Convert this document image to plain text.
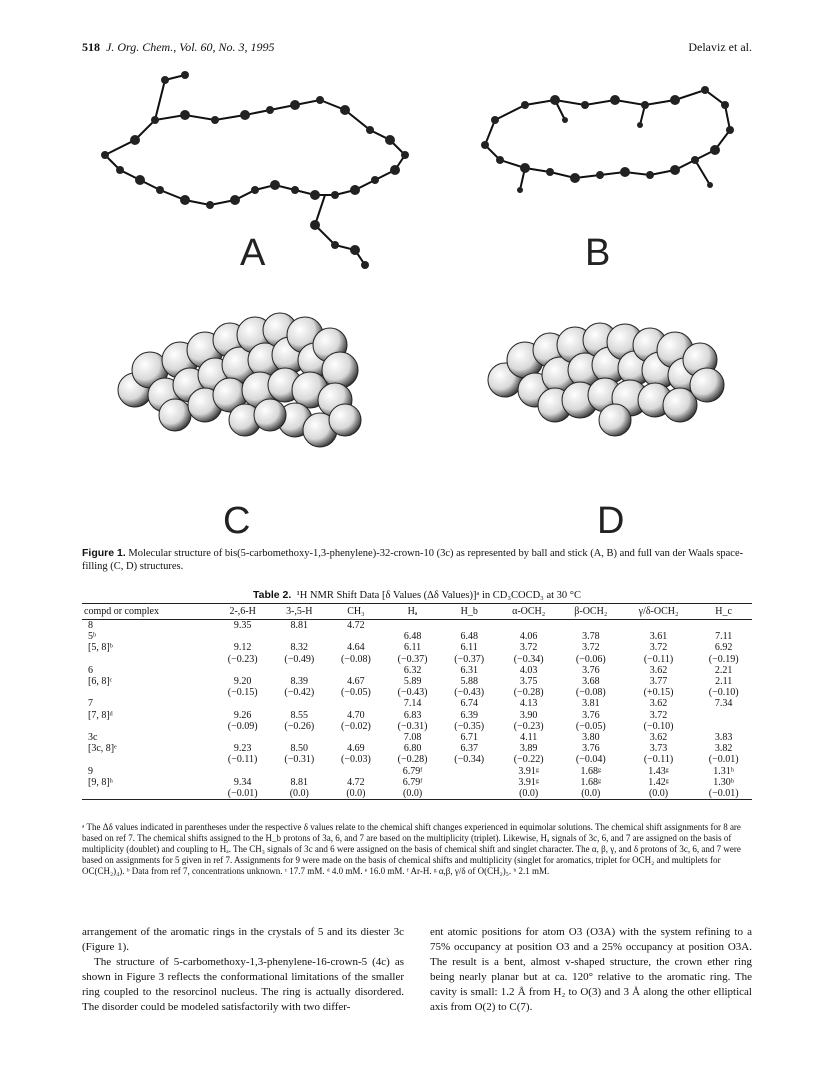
518 J. Org. Chem., Vol. 60, No. 3, 1995	Delaviz et al.
A	B
C	D
Figure 1. Molecular structure of bis(5-carbomethoxy-1,3-phenylene)-32-crown-10 (3c) as represented by ball and stick (A, B) and full van der Waals space-filling (C, D) structures.
Table 2. ¹H NMR Shift Data [δ Values (Δδ Values)]ᵃ in CD₃COCD₃ at 30 °C
compd or complex	2-,6-H	3-,5-H	CH₃	Hₐ	H_b	α-OCH₂	β-OCH₂	γ/δ-OCH₂	H_c
8	9.35	8.81	4.72						
5ᵇ				6.48	6.48	4.06	3.78	3.61	7.11
[5, 8]ᵇ	9.12	8.32	4.64	6.11	6.11	3.72	3.72	3.72	6.92
	(−0.23)	(−0.49)	(−0.08)	(−0.37)	(−0.37)	(−0.34)	(−0.06)	(−0.11)	(−0.19)
6				6.32	6.31	4.03	3.76	3.62	2.21
[6, 8]ᶜ	9.20	8.39	4.67	5.89	5.88	3.75	3.68	3.77	2.11
	(−0.15)	(−0.42)	(−0.05)	(−0.43)	(−0.43)	(−0.28)	(−0.08)	(+0.15)	(−0.10)
7				7.14	6.74	4.13	3.81	3.62	7.34
[7, 8]ᵈ	9.26	8.55	4.70	6.83	6.39	3.90	3.76	3.72	
	(−0.09)	(−0.26)	(−0.02)	(−0.31)	(−0.35)	(−0.23)	(−0.05)	(−0.10)	
3c				7.08	6.71	4.11	3.80	3.62	3.83
[3c, 8]ᵉ	9.23	8.50	4.69	6.80	6.37	3.89	3.76	3.73	3.82
	(−0.11)	(−0.31)	(−0.03)	(−0.28)	(−0.34)	(−0.22)	(−0.04)	(−0.11)	(−0.01)
9				6.79ᶠ		3.91ᵍ	1.68ᵍ	1.43ᵍ	1.31ʰ
[9, 8]ʰ	9.34	8.81	4.72	6.79ᶠ		3.91ᵍ	1.68ᵍ	1.42ᵍ	1.30ʰ
	(−0.01)	(0.0)	(0.0)	(0.0)		(0.0)	(0.0)	(0.0)	(−0.01)
ᵃ The Δδ values indicated in parentheses under the respective δ values relate to the chemical shift changes experienced in equimolar solutions. The chemical shift assignments for 8 are based on ref 7. The chemical shifts assigned to the H_b protons of 3a, 6, and 7 are based on the multiplicity (triplet). Likewise, Hₐ signals of 3c, 6, and 7 are assigned on the basis of multiplicity (doublet) and coupling to Hₐ. The CH₃ signals of 3c and 6 were assigned on the basis of chemical shift and singlet character. The α, β, γ, and δ protons of 3c, 6, and 7 were based on assignments for 5 given in ref 7. Assignments for 9 were made on the basis of chemical shifts and multiplicity (singlet for aromatics, triplet for OCH₂ and multiplets for OC(CH₂)₄). ᵇ Data from ref 7, concentrations unknown. ᶜ 17.7 mM. ᵈ 4.0 mM. ᵉ 16.0 mM. ᶠ Ar-H. ᵍ α,β, γ/δ of O(CH₂)₅. ʰ 2.1 mM.

arrangement of the aromatic rings in the crystals of 5 and its diester 3c (Figure 1).

The structure of 5-carbomethoxy-1,3-phenylene-16-crown-5 (4c) as shown in Figure 3 reflects the conformational limitations of the smaller ring coupled to the resorcinol nucleus. The ring is actually disordered. The disorder could be modeled satisfactorily with two differ-

ent atomic positions for atom O3 (O3A) with the system refining to a 75% occupancy at position O3 and a 25% occupancy at position O3A. The result is a bent, almost v-shaped structure, the crown ether ring being nearly planar but at ca. 120° relative to the aromatic ring. The cavity is small: 1.2 Å from H₂ to O(3) and 3 Å along the other elliptical axis from O(2) to C(7).
